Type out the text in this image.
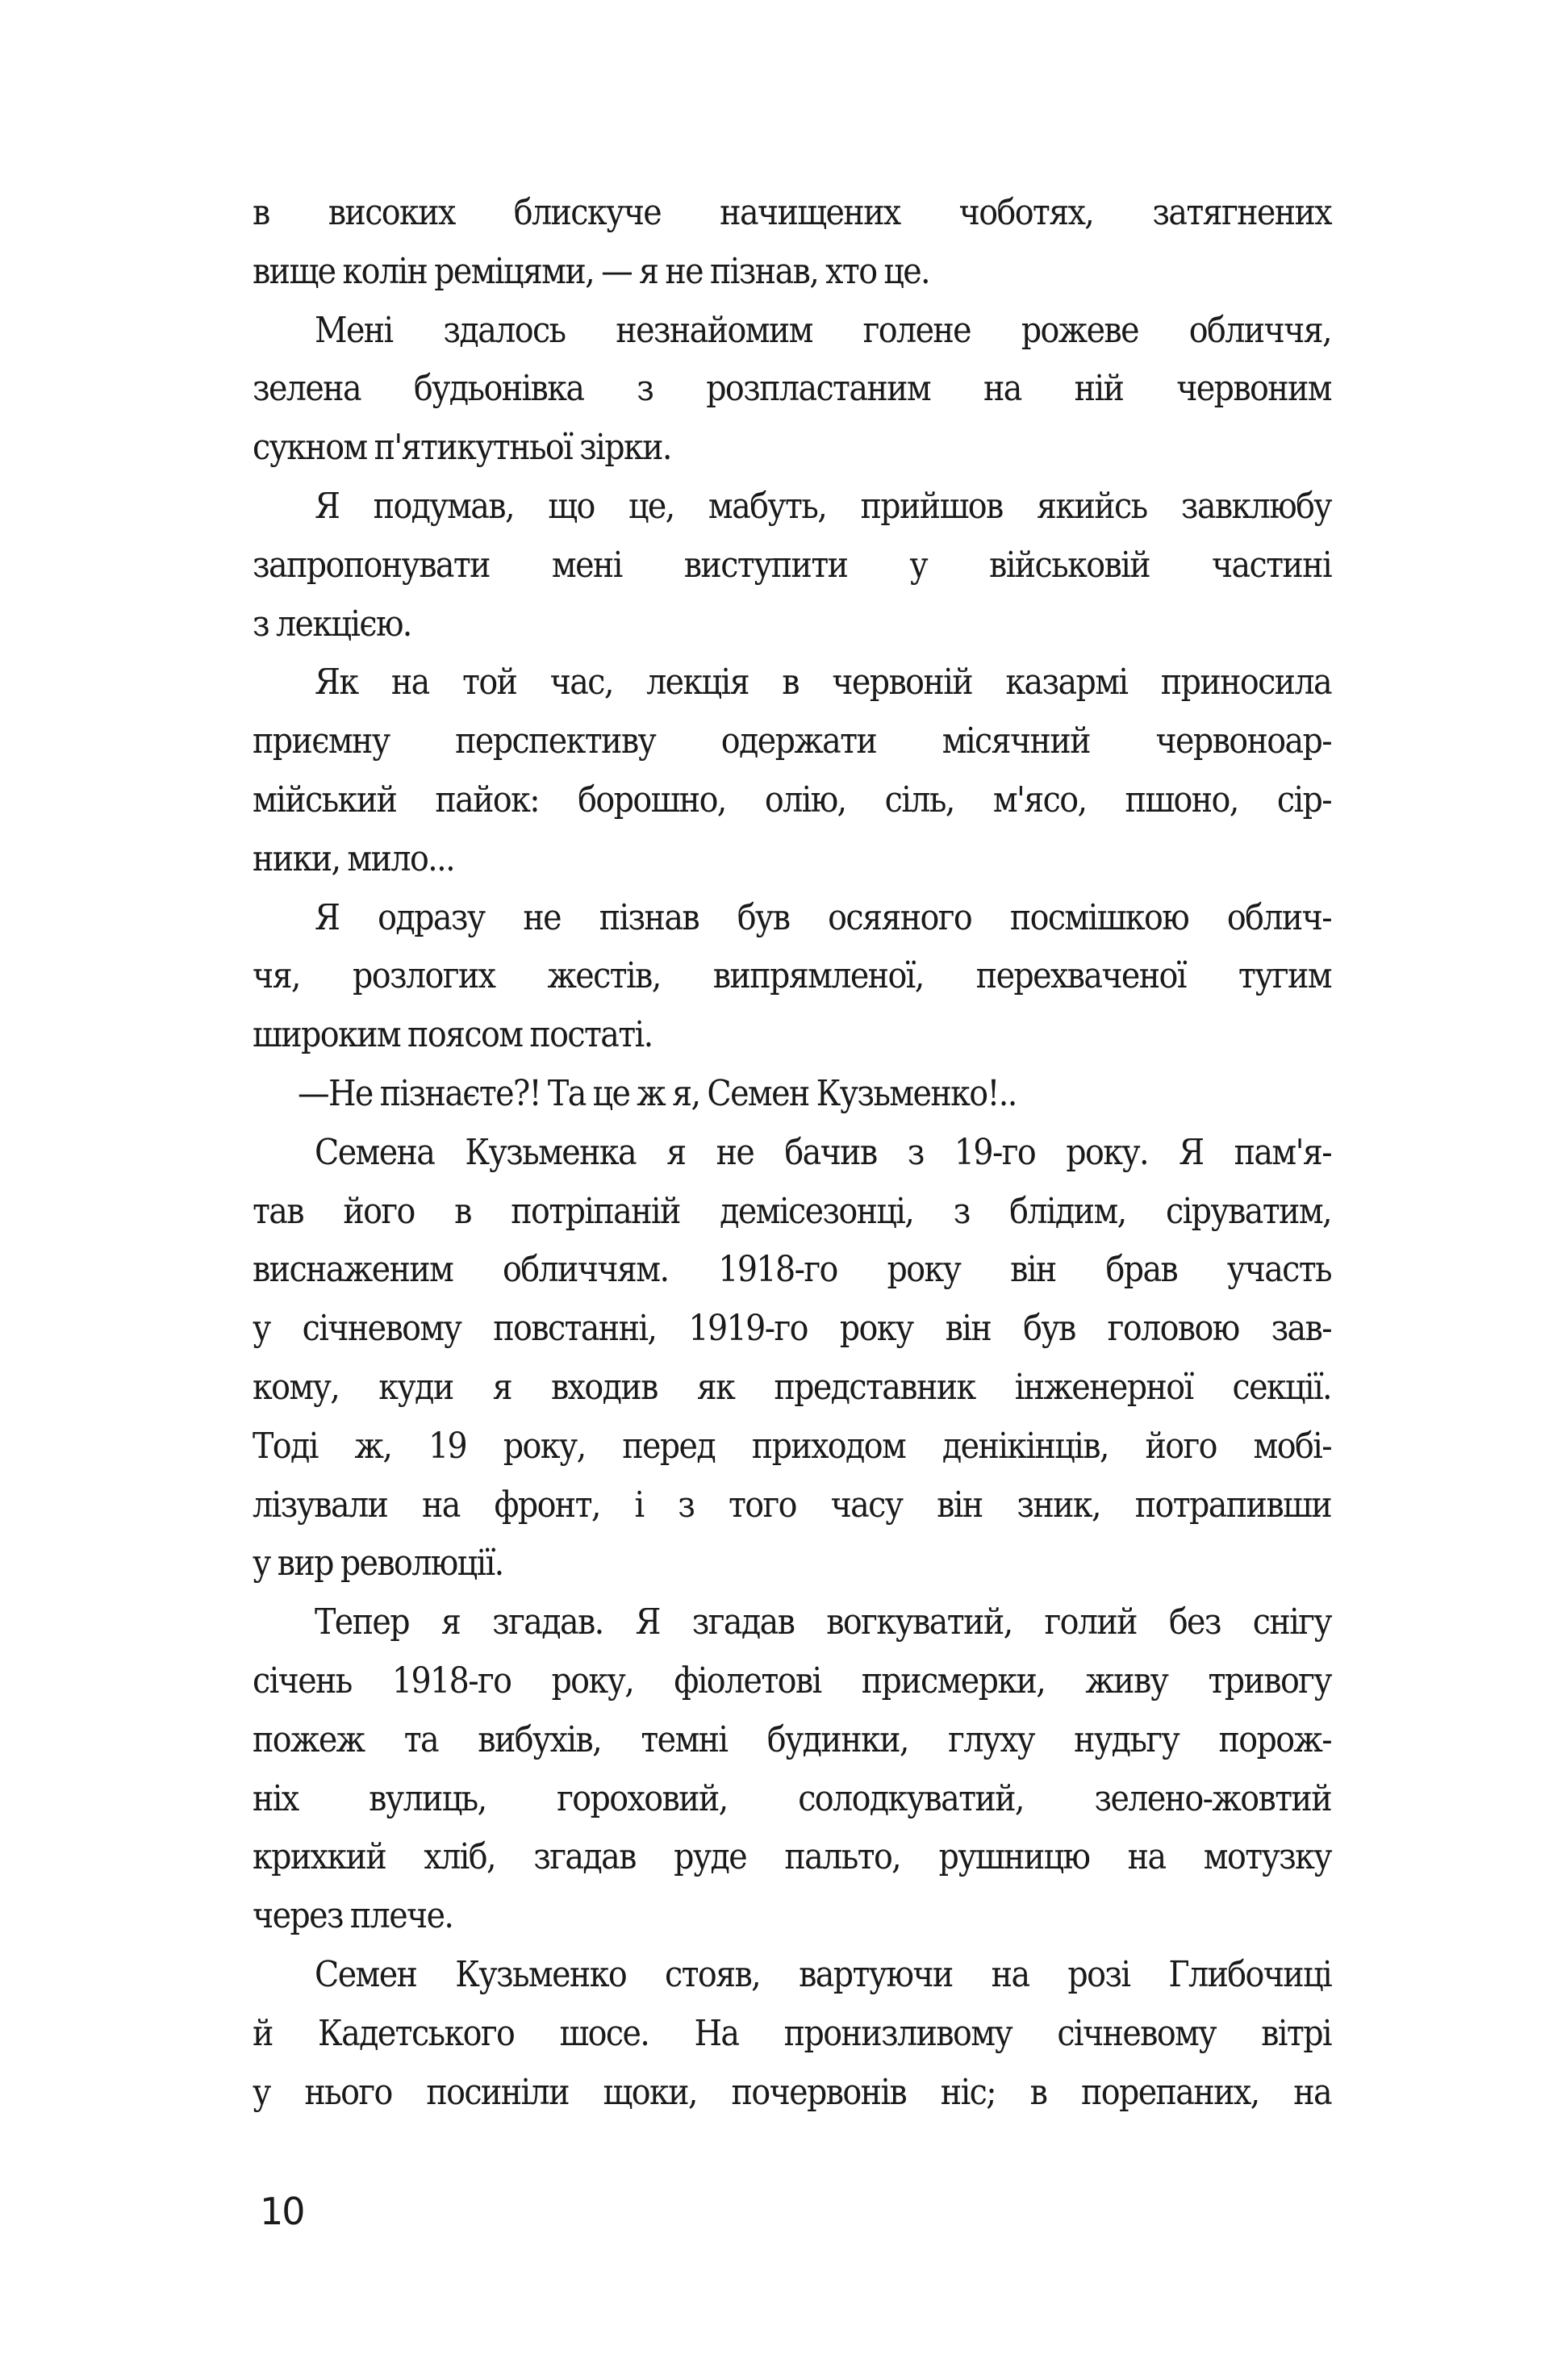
в високих блискуче начищених чоботях, затягнених
вище колін реміцями, — я не пізнав, хто це.
Мені здалось незнайомим голене рожеве обличчя,
зелена будьонівка з розпластаним на ній червоним
сукном п'ятикутньої зірки.
Я подумав, що це, мабуть, прийшов якийсь завклюбу
запропонувати мені виступити у військовій частині
з лекцією.
Як на той час, лекція в червоній казармі приносила
приємну перспективу одержати місячний червоноар-
мійський пайок: борошно, олію, сіль, м'ясо, пшоно, сір-
ники, мило...
Я одразу не пізнав був осяяного посмішкою облич-
чя, розлогих жестів, випрямленої, перехваченої тугим
широким поясом постаті.
—Не пізнаєте?! Та це ж я, Семен Кузьменко!..
Семена Кузьменка я не бачив з 19-го року. Я пам'я-
тав його в потріпаній демісезонці, з блідим, сіруватим,
виснаженим обличчям. 1918-го року він брав участь
у січневому повстанні, 1919-го року він був головою зав-
кому, куди я входив як представник інженерної секції.
Тоді ж, 19 року, перед приходом денікінців, його мобі-
лізували на фронт, і з того часу він зник, потрапивши
у вир революції.
Тепер я згадав. Я згадав вогкуватий, голий без снігу
січень 1918-го року, фіолетові присмерки, живу тривогу
пожеж та вибухів, темні будинки, глуху нудьгу порож-
ніх вулиць, гороховий, солодкуватий, зелено-жовтий
крихкий хліб, згадав руде пальто, рушницю на мотузку
через плече.
Семен Кузьменко стояв, вартуючи на розі Глибочиці
й Кадетського шосе. На пронизливому січневому вітрі
у нього посиніли щоки, почервонів ніс; в порепаних, на
10
